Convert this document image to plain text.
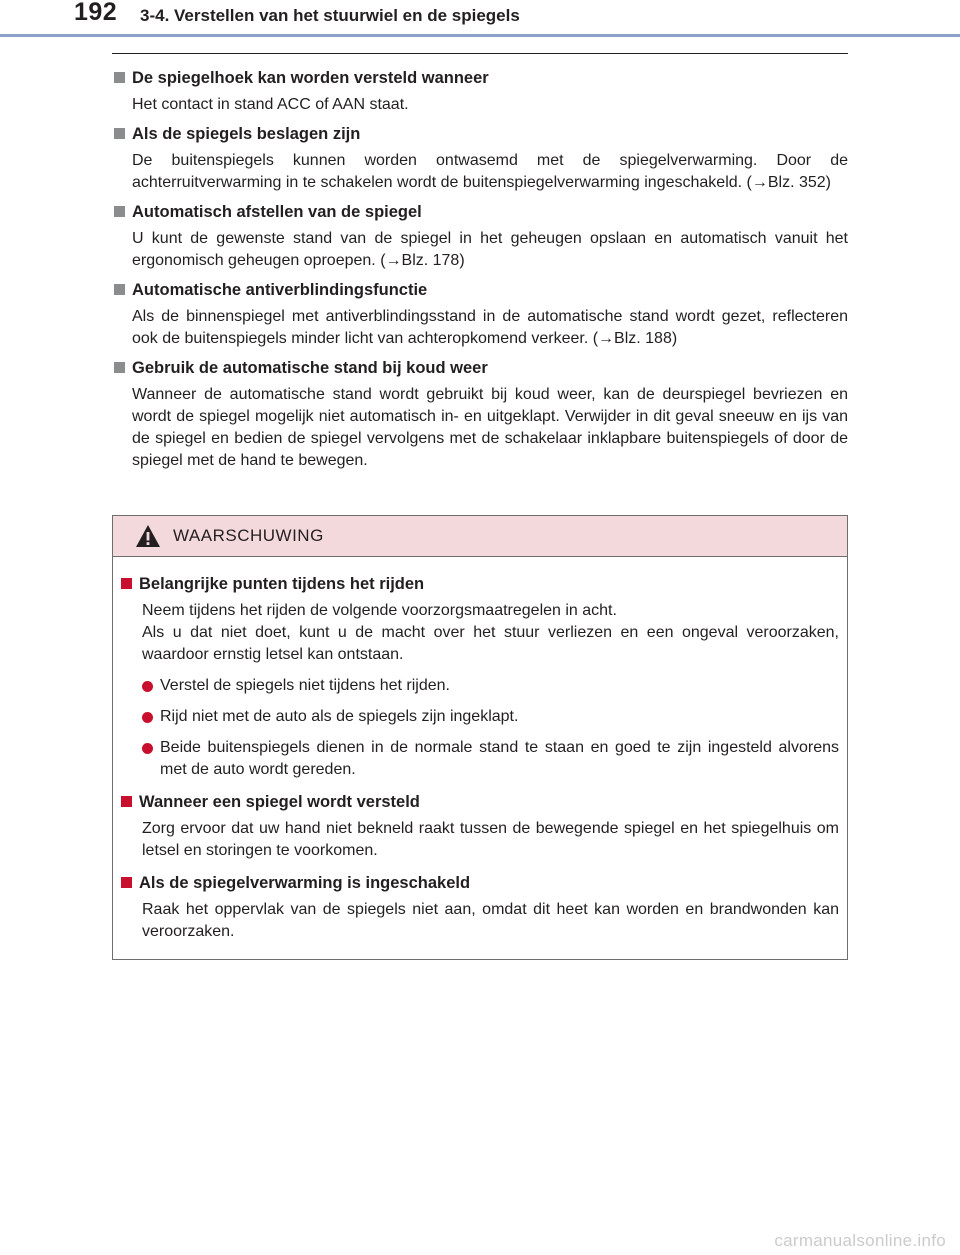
192 3-4. Verstellen van het stuurwiel en de spiegels
De spiegelhoek kan worden versteld wanneer
Het contact in stand ACC of AAN staat.
Als de spiegels beslagen zijn
De buitenspiegels kunnen worden ontwasemd met de spiegelverwarming. Door de achterruitverwarming in te schakelen wordt de buitenspiegelverwarming ingeschakeld. (→Blz. 352)
Automatisch afstellen van de spiegel
U kunt de gewenste stand van de spiegel in het geheugen opslaan en automatisch vanuit het ergonomisch geheugen oproepen. (→Blz. 178)
Automatische antiverblindingsfunctie
Als de binnenspiegel met antiverblindingsstand in de automatische stand wordt gezet, reflecteren ook de buitenspiegels minder licht van achteropkomend verkeer. (→Blz. 188)
Gebruik de automatische stand bij koud weer
Wanneer de automatische stand wordt gebruikt bij koud weer, kan de deurspiegel bevriezen en wordt de spiegel mogelijk niet automatisch in- en uitgeklapt. Verwijder in dit geval sneeuw en ijs van de spiegel en bedien de spiegel vervolgens met de schakelaar inklapbare buitenspiegels of door de spiegel met de hand te bewegen.
WAARSCHUWING
Belangrijke punten tijdens het rijden
Neem tijdens het rijden de volgende voorzorgsmaatregelen in acht.
Als u dat niet doet, kunt u de macht over het stuur verliezen en een ongeval veroorzaken, waardoor ernstig letsel kan ontstaan.
Verstel de spiegels niet tijdens het rijden.
Rijd niet met de auto als de spiegels zijn ingeklapt.
Beide buitenspiegels dienen in de normale stand te staan en goed te zijn ingesteld alvorens met de auto wordt gereden.
Wanneer een spiegel wordt versteld
Zorg ervoor dat uw hand niet bekneld raakt tussen de bewegende spiegel en het spiegelhuis om letsel en storingen te voorkomen.
Als de spiegelverwarming is ingeschakeld
Raak het oppervlak van de spiegels niet aan, omdat dit heet kan worden en brandwonden kan veroorzaken.
carmanualsonline.info
